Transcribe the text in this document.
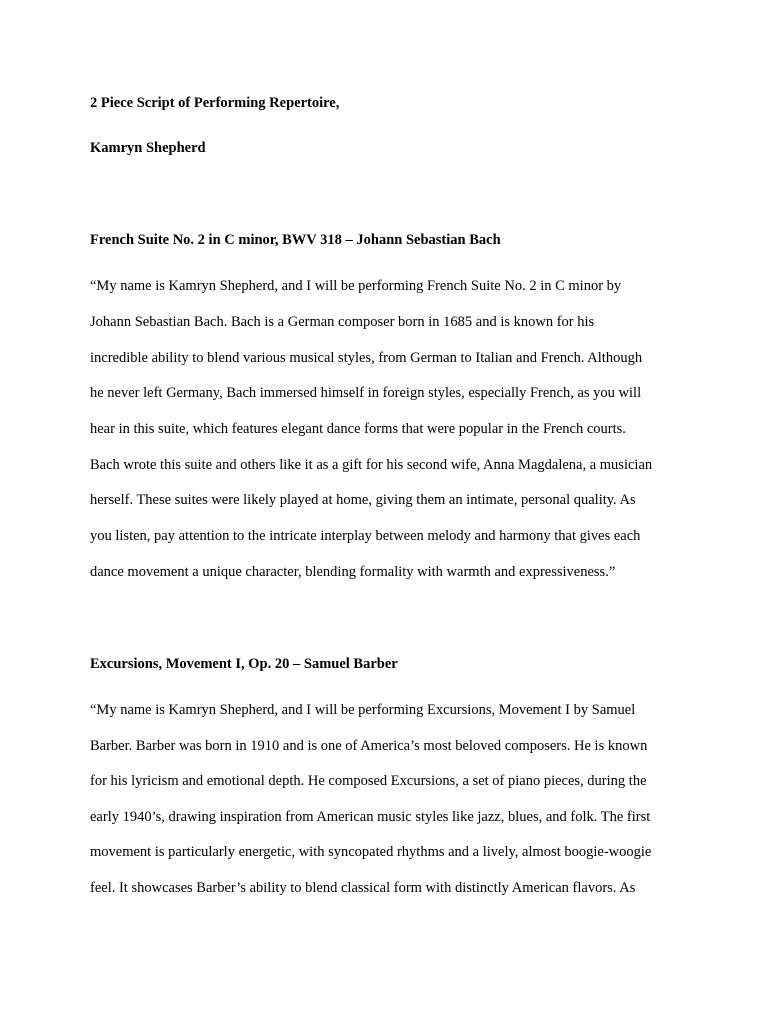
2 Piece Script of Performing Repertoire,

Kamryn Shepherd

French Suite No. 2 in C minor, BWV 318 – Johann Sebastian Bach

“My name is Kamryn Shepherd, and I will be performing French Suite No. 2 in C minor by

Johann Sebastian Bach. Bach is a German composer born in 1685 and is known for his

incredible ability to blend various musical styles, from German to Italian and French. Although

he never left Germany, Bach immersed himself in foreign styles, especially French, as you will

hear in this suite, which features elegant dance forms that were popular in the French courts.

Bach wrote this suite and others like it as a gift for his second wife, Anna Magdalena, a musician

herself. These suites were likely played at home, giving them an intimate, personal quality. As

you listen, pay attention to the intricate interplay between melody and harmony that gives each

dance movement a unique character, blending formality with warmth and expressiveness.”

Excursions, Movement I, Op. 20 – Samuel Barber

“My name is Kamryn Shepherd, and I will be performing Excursions, Movement I by Samuel

Barber. Barber was born in 1910 and is one of America’s most beloved composers. He is known

for his lyricism and emotional depth. He composed Excursions, a set of piano pieces, during the

early 1940’s, drawing inspiration from American music styles like jazz, blues, and folk. The first

movement is particularly energetic, with syncopated rhythms and a lively, almost boogie-woogie

feel. It showcases Barber’s ability to blend classical form with distinctly American flavors. As
